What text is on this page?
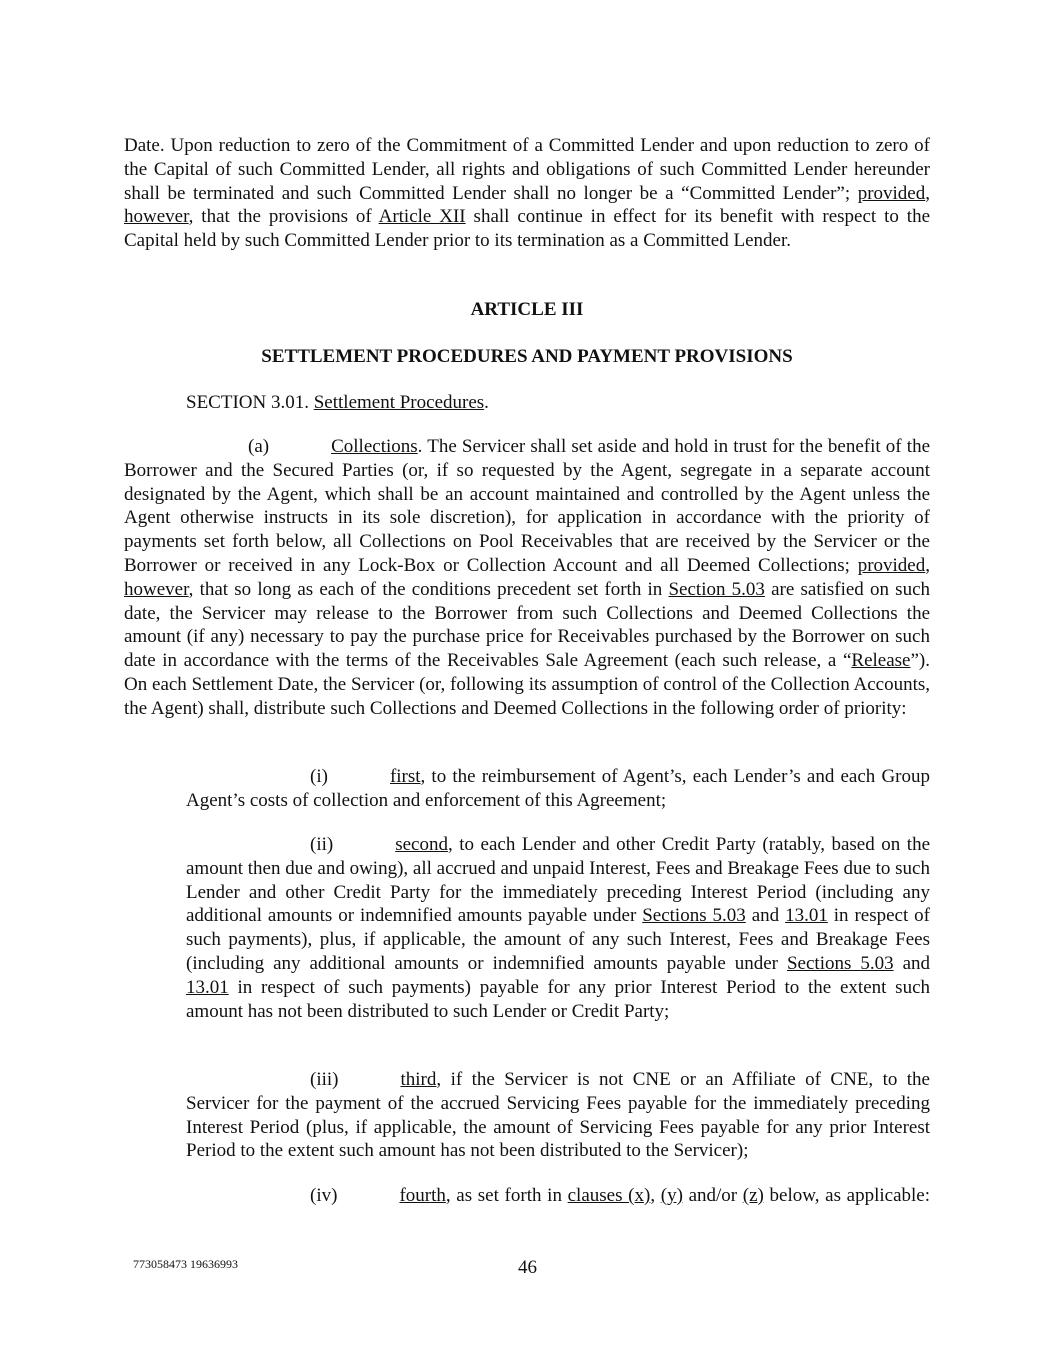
Date. Upon reduction to zero of the Commitment of a Committed Lender and upon reduction to zero of the Capital of such Committed Lender, all rights and obligations of such Committed Lender hereunder shall be terminated and such Committed Lender shall no longer be a “Committed Lender”; provided, however, that the provisions of Article XII shall continue in effect for its benefit with respect to the Capital held by such Committed Lender prior to its termination as a Committed Lender.

ARTICLE III

SETTLEMENT PROCEDURES AND PAYMENT PROVISIONS

SECTION 3.01. Settlement Procedures.

(a)	Collections. The Servicer shall set aside and hold in trust for the benefit of the Borrower and the Secured Parties (or, if so requested by the Agent, segregate in a separate account designated by the Agent, which shall be an account maintained and controlled by the Agent unless the Agent otherwise instructs in its sole discretion), for application in accordance with the priority of payments set forth below, all Collections on Pool Receivables that are received by the Servicer or the Borrower or received in any Lock-Box or Collection Account and all Deemed Collections; provided, however, that so long as each of the conditions precedent set forth in Section 5.03 are satisfied on such date, the Servicer may release to the Borrower from such Collections and Deemed Collections the amount (if any) necessary to pay the purchase price for Receivables purchased by the Borrower on such date in accordance with the terms of the Receivables Sale Agreement (each such release, a “Release”). On each Settlement Date, the Servicer (or, following its assumption of control of the Collection Accounts, the Agent) shall, distribute such Collections and Deemed Collections in the following order of priority:

(i)	first, to the reimbursement of Agent’s, each Lender’s and each Group Agent’s costs of collection and enforcement of this Agreement;

(ii)	second, to each Lender and other Credit Party (ratably, based on the amount then due and owing), all accrued and unpaid Interest, Fees and Breakage Fees due to such Lender and other Credit Party for the immediately preceding Interest Period (including any additional amounts or indemnified amounts payable under Sections 5.03 and 13.01 in respect of such payments), plus, if applicable, the amount of any such Interest, Fees and Breakage Fees (including any additional amounts or indemnified amounts payable under Sections 5.03 and 13.01 in respect of such payments) payable for any prior Interest Period to the extent such amount has not been distributed to such Lender or Credit Party;

(iii)	third, if the Servicer is not CNE or an Affiliate of CNE, to the Servicer for the payment of the accrued Servicing Fees payable for the immediately preceding Interest Period (plus, if applicable, the amount of Servicing Fees payable for any prior Interest Period to the extent such amount has not been distributed to the Servicer);

(iv)	fourth, as set forth in clauses (x), (y) and/or (z) below, as applicable:

773058473 19636993	46
